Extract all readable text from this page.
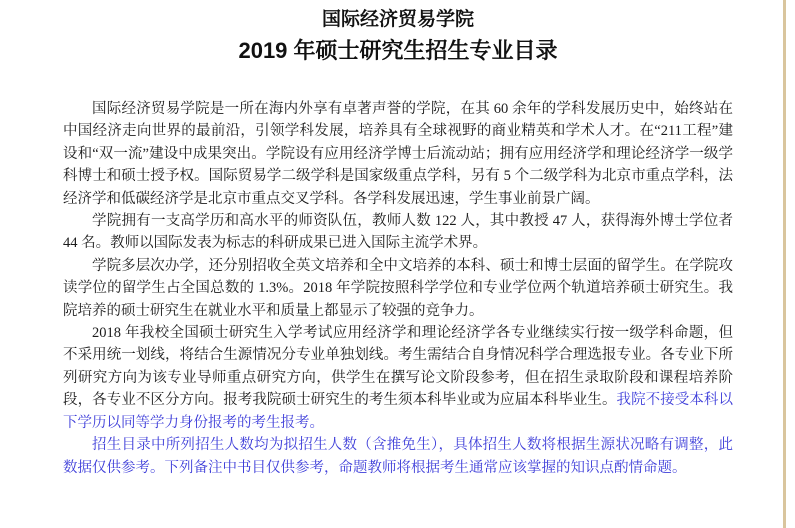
国际经济贸易学院
2019 年硕士研究生招生专业目录

国际经济贸易学院是一所在海内外享有卓著声誉的学院，在其 60 余年的学科发展历史中，始终站在中国经济走向世界的最前沿，引领学科发展，培养具有全球视野的商业精英和学术人才。在“211工程”建设和“双一流”建设中成果突出。学院设有应用经济学博士后流动站；拥有应用经济学和理论经济学一级学科博士和硕士授予权。国际贸易学二级学科是国家级重点学科，另有 5 个二级学科为北京市重点学科，法经济学和低碳经济学是北京市重点交叉学科。各学科发展迅速，学生事业前景广阔。

学院拥有一支高学历和高水平的师资队伍，教师人数 122 人，其中教授 47 人，获得海外博士学位者 44 名。教师以国际发表为标志的科研成果已进入国际主流学术界。

学院多层次办学，还分别招收全英文培养和全中文培养的本科、硕士和博士层面的留学生。在学院攻读学位的留学生占全国总数的 1.3%。2018 年学院按照科学学位和专业学位两个轨道培养硕士研究生。我院培养的硕士研究生在就业水平和质量上都显示了较强的竞争力。

2018 年我校全国硕士研究生入学考试应用经济学和理论经济学各专业继续实行按一级学科命题，但不采用统一划线，将结合生源情况分专业单独划线。考生需结合自身情况科学合理选报专业。各专业下所列研究方向为该专业导师重点研究方向，供学生在撰写论文阶段参考，但在招生录取阶段和课程培养阶段，各专业不区分方向。报考我院硕士研究生的考生须本科毕业或为应届本科毕业生。我院不接受本科以下学历以同等学力身份报考的考生报考。

招生目录中所列招生人数均为拟招生人数（含推免生），具体招生人数将根据生源状况略有调整，此数据仅供参考。下列备注中书目仅供参考，命题教师将根据考生通常应该掌握的知识点酌情命题。
